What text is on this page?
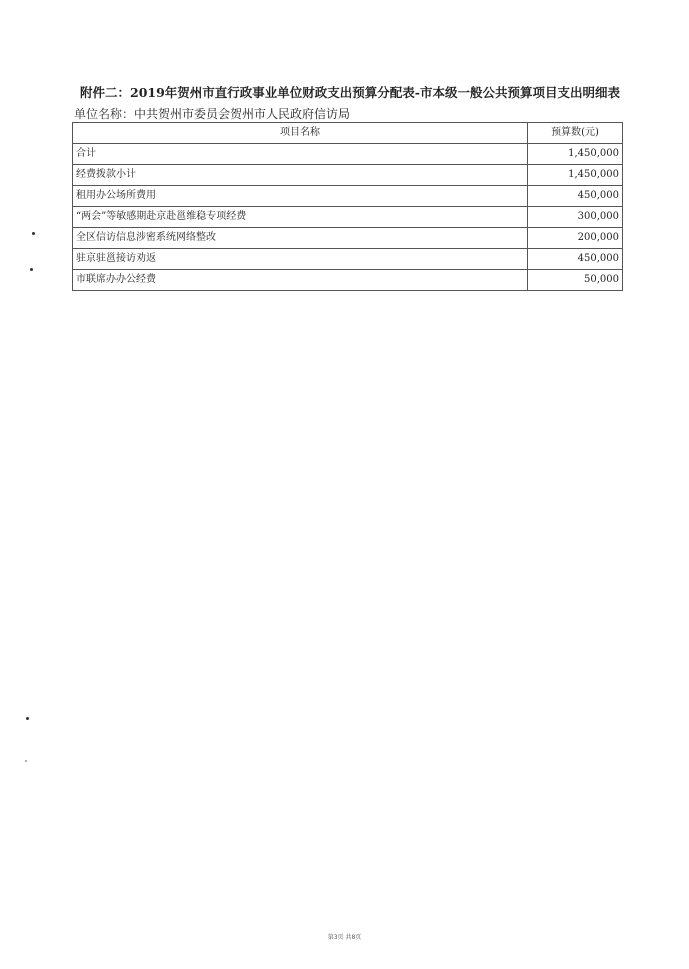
附件二：2019年贺州市直行政事业单位财政支出预算分配表-市本级一般公共预算项目支出明细表
单位名称：中共贺州市委员会贺州市人民政府信访局
项目名称	预算数(元)
合计	1,450,000
经费拨款小计	1,450,000
租用办公场所费用	450,000
“两会”等敏感期赴京赴邕维稳专项经费	300,000
全区信访信息涉密系统网络整改	200,000
驻京驻邕接访劝返	450,000
市联席办办公经费	50,000
第3页 共8页
